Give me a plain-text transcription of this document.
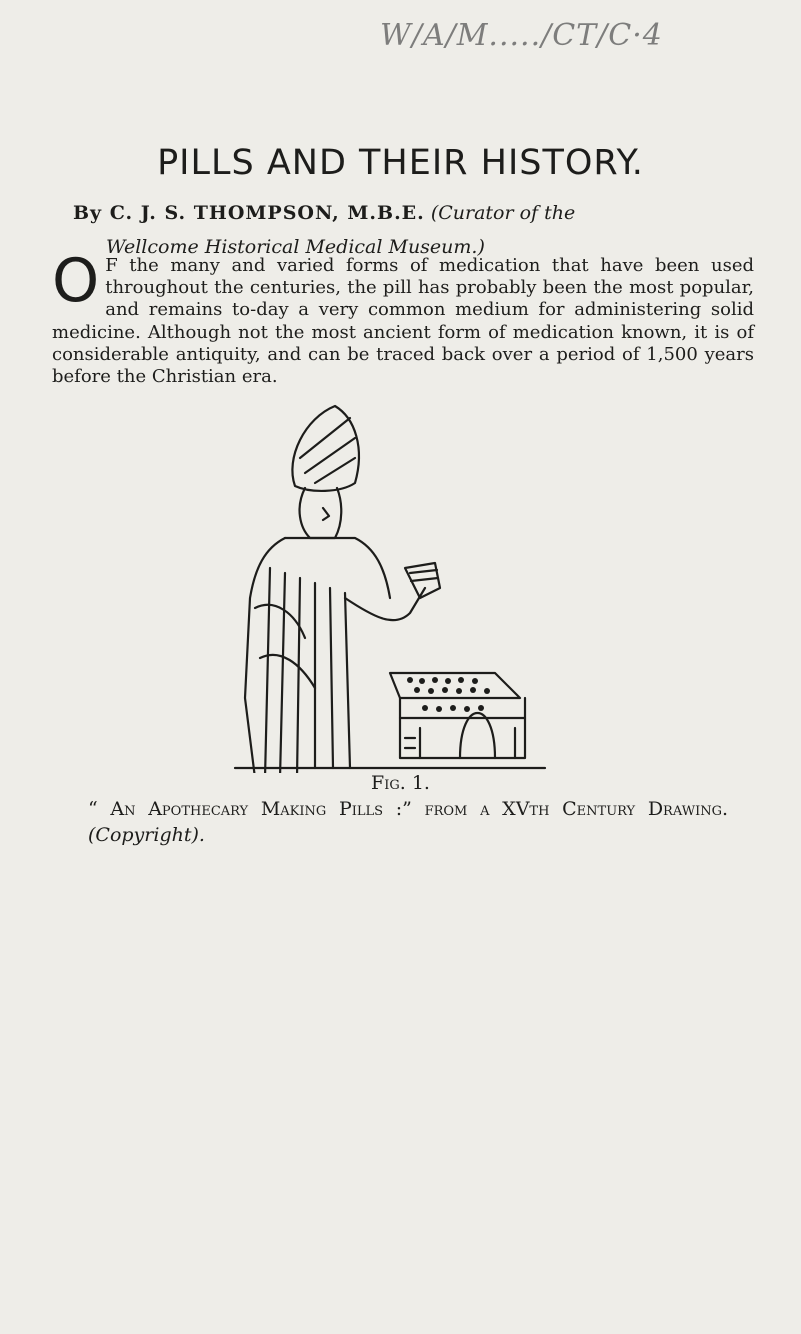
W/A/M...../CT/C·4
PILLS AND THEIR HISTORY.
By C. J. S. THOMPSON, M.B.E. (Curator of the
Wellcome Historical Medical Museum.)
O F the many and varied forms of medication that have been used throughout the centuries, the pill has probably been the most popular, and remains to-day a very common medium for administering solid medicine. Although not the most ancient form of medication known, it is of considerable antiquity, and can be traced back over a period of 1,500 years before the Christian era.
Fig. 1.
“ An Apothecary Making Pills :” from a XVth Century Drawing. (Copyright).
